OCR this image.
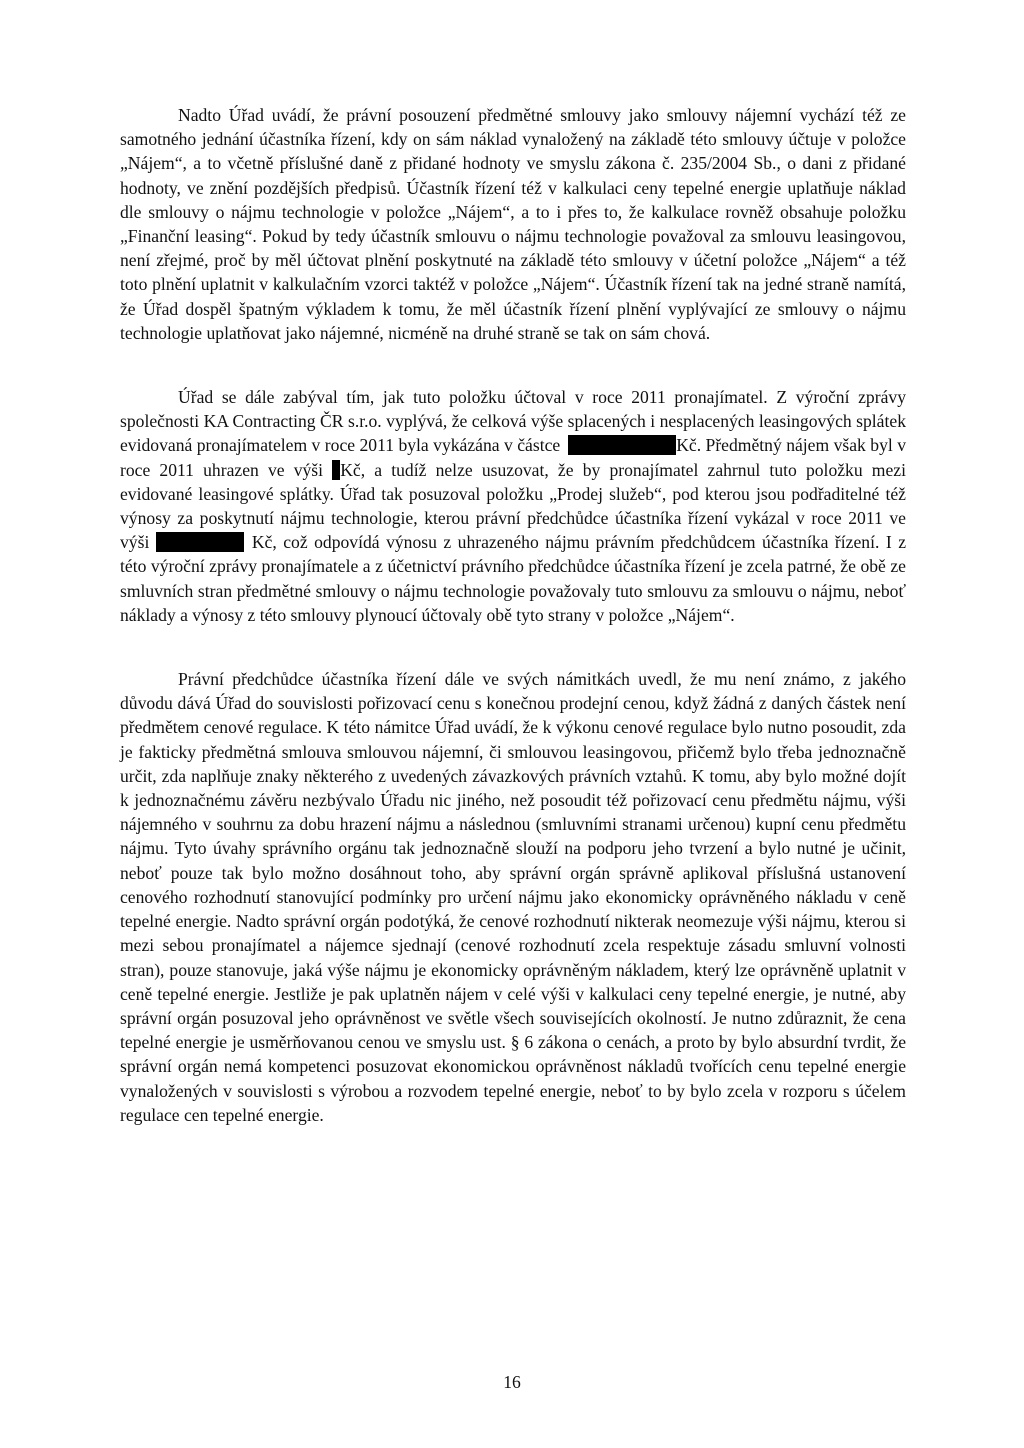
Nadto Úřad uvádí, že právní posouzení předmětné smlouvy jako smlouvy nájemní vychází též ze samotného jednání účastníka řízení, kdy on sám náklad vynaložený na základě této smlouvy účtuje v položce „Nájem“, a to včetně příslušné daně z přidané hodnoty ve smyslu zákona č. 235/2004 Sb., o dani z přidané hodnoty, ve znění pozdějších předpisů. Účastník řízení též v kalkulaci ceny tepelné energie uplatňuje náklad dle smlouvy o nájmu technologie v položce „Nájem“, a to i přes to, že kalkulace rovněž obsahuje položku „Finanční leasing“. Pokud by tedy účastník smlouvu o nájmu technologie považoval za smlouvu leasingovou, není zřejmé, proč by měl účtovat plnění poskytnuté na základě této smlouvy v účetní položce „Nájem“ a též toto plnění uplatnit v kalkulačním vzorci taktéž v položce „Nájem“. Účastník řízení tak na jedné straně namítá, že Úřad dospěl špatným výkladem k tomu, že měl účastník řízení plnění vyplývající ze smlouvy o nájmu technologie uplatňovat jako nájemné, nicméně na druhé straně se tak on sám chová.

Úřad se dále zabýval tím, jak tuto položku účtoval v roce 2011 pronajímatel. Z výroční zprávy společnosti KA Contracting ČR s.r.o. vyplývá, že celková výše splacených i nesplacených leasingových splátek evidovaná pronajímatelem v roce 2011 byla vykázána v částce	Kč. Předmětný nájem však byl v roce 2011 uhrazen ve výši Kč, a tudíž nelze usuzovat, že by pronajímatel zahrnul tuto položku mezi evidované leasingové splátky. Úřad tak posuzoval položku „Prodej služeb“, pod kterou jsou podřaditelné též výnosy za poskytnutí nájmu technologie, kterou právní předchůdce účastníka řízení vykázal v roce 2011 ve výši	Kč, což odpovídá výnosu z uhrazeného nájmu právním předchůdcem účastníka řízení. I z této výroční zprávy pronajímatele a z účetnictví právního předchůdce účastníka řízení je zcela patrné, že obě ze smluvních stran předmětné smlouvy o nájmu technologie považovaly tuto smlouvu za smlouvu o nájmu, neboť náklady a výnosy z této smlouvy plynoucí účtovaly obě tyto strany v položce „Nájem“.

Právní předchůdce účastníka řízení dále ve svých námitkách uvedl, že mu není známo, z jakého důvodu dává Úřad do souvislosti pořizovací cenu s konečnou prodejní cenou, když žádná z daných částek není předmětem cenové regulace. K této námitce Úřad uvádí, že k výkonu cenové regulace bylo nutno posoudit, zda je fakticky předmětná smlouva smlouvou nájemní, či smlouvou leasingovou, přičemž bylo třeba jednoznačně určit, zda naplňuje znaky některého z uvedených závazkových právních vztahů. K tomu, aby bylo možné dojít k jednoznačnému závěru nezbývalo Úřadu nic jiného, než posoudit též pořizovací cenu předmětu nájmu, výši nájemného v souhrnu za dobu hrazení nájmu a následnou (smluvními stranami určenou) kupní cenu předmětu nájmu. Tyto úvahy správního orgánu tak jednoznačně slouží na podporu jeho tvrzení a bylo nutné je učinit, neboť pouze tak bylo možno dosáhnout toho, aby správní orgán správně aplikoval příslušná ustanovení cenového rozhodnutí stanovující podmínky pro určení nájmu jako ekonomicky oprávněného nákladu v ceně tepelné energie. Nadto správní orgán podotýká, že cenové rozhodnutí nikterak neomezuje výši nájmu, kterou si mezi sebou pronajímatel a nájemce sjednají (cenové rozhodnutí zcela respektuje zásadu smluvní volnosti stran), pouze stanovuje, jaká výše nájmu je ekonomicky oprávněným nákladem, který lze oprávněně uplatnit v ceně tepelné energie. Jestliže je pak uplatněn nájem v celé výši v kalkulaci ceny tepelné energie, je nutné, aby správní orgán posuzoval jeho oprávněnost ve světle všech souvisejících okolností. Je nutno zdůraznit, že cena tepelné energie je usměrňovanou cenou ve smyslu ust. § 6 zákona o cenách, a proto by bylo absurdní tvrdit, že správní orgán nemá kompetenci posuzovat ekonomickou oprávněnost nákladů tvořících cenu tepelné energie vynaložených v souvislosti s výrobou a rozvodem tepelné energie, neboť to by bylo zcela v rozporu s účelem regulace cen tepelné energie.

16
